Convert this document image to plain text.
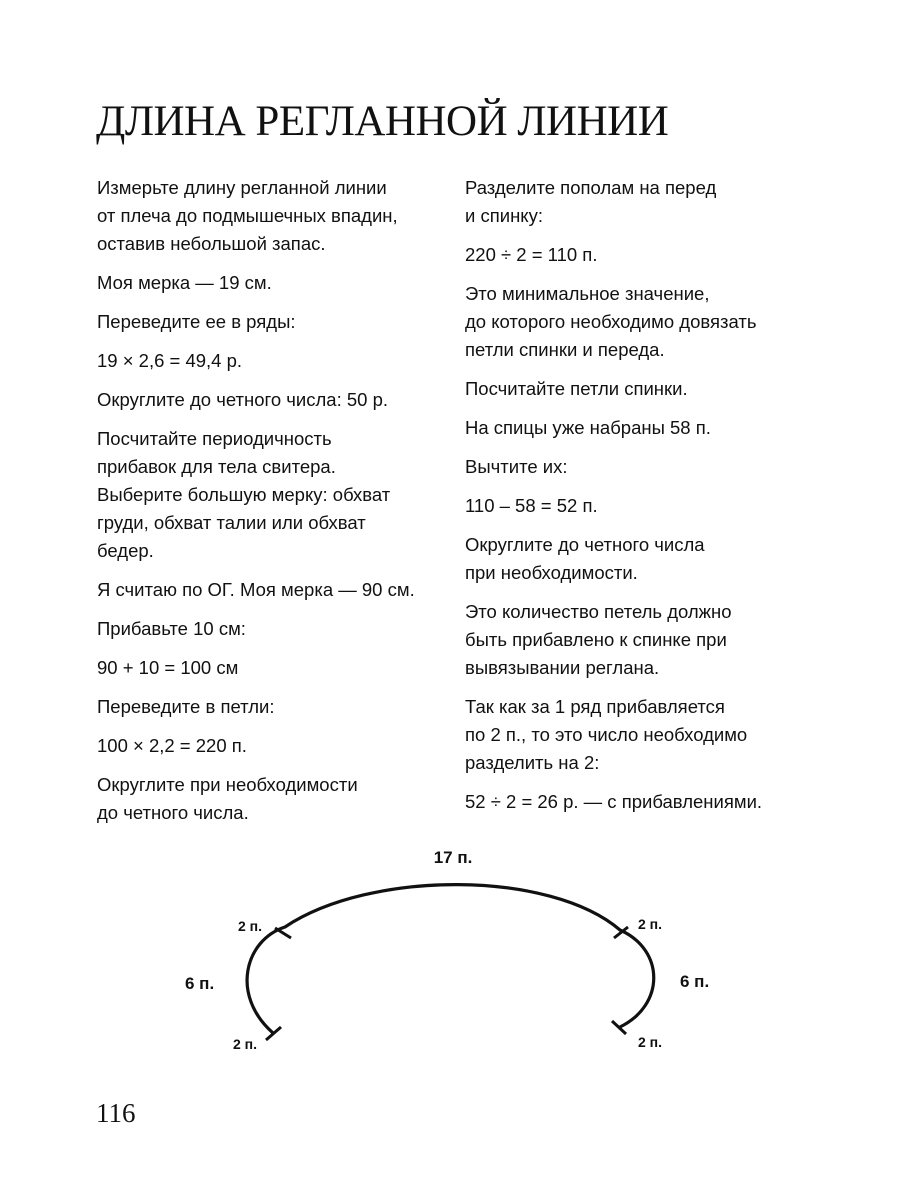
ДЛИНА РЕГЛАННОЙ ЛИНИИ

Измерьте длину регланной линии
от плеча до подмышечных впадин,
оставив небольшой запас.

Моя мерка — 19 см.

Переведите ее в ряды:

19 × 2,6 = 49,4 р.

Округлите до четного числа: 50 р.

Посчитайте периодичность
прибавок для тела свитера.
Выберите большую мерку: обхват
груди, обхват талии или обхват
бедер.

Я считаю по ОГ. Моя мерка — 90 см.

Прибавьте 10 см:

90 + 10 = 100 см

Переведите в петли:

100 × 2,2 = 220 п.

Округлите при необходимости
до четного числа.

Разделите пополам на перед
и спинку:

220 ÷ 2 = 110 п.

Это минимальное значение,
до которого необходимо довязать
петли спинки и переда.

Посчитайте петли спинки.

На спицы уже набраны 58 п.

Вычтите их:

110 – 58 = 52 п.

Округлите до четного числа
при необходимости.

Это количество петель должно
быть прибавлено к спинке при
вывязывании реглана.

Так как за 1 ряд прибавляется
по 2 п., то это число необходимо
разделить на 2:

52 ÷ 2 = 26 р. — с прибавлениями.

17 п.
2 п.	2 п.
6 п.	6 п.
2 п.	2 п.
116
